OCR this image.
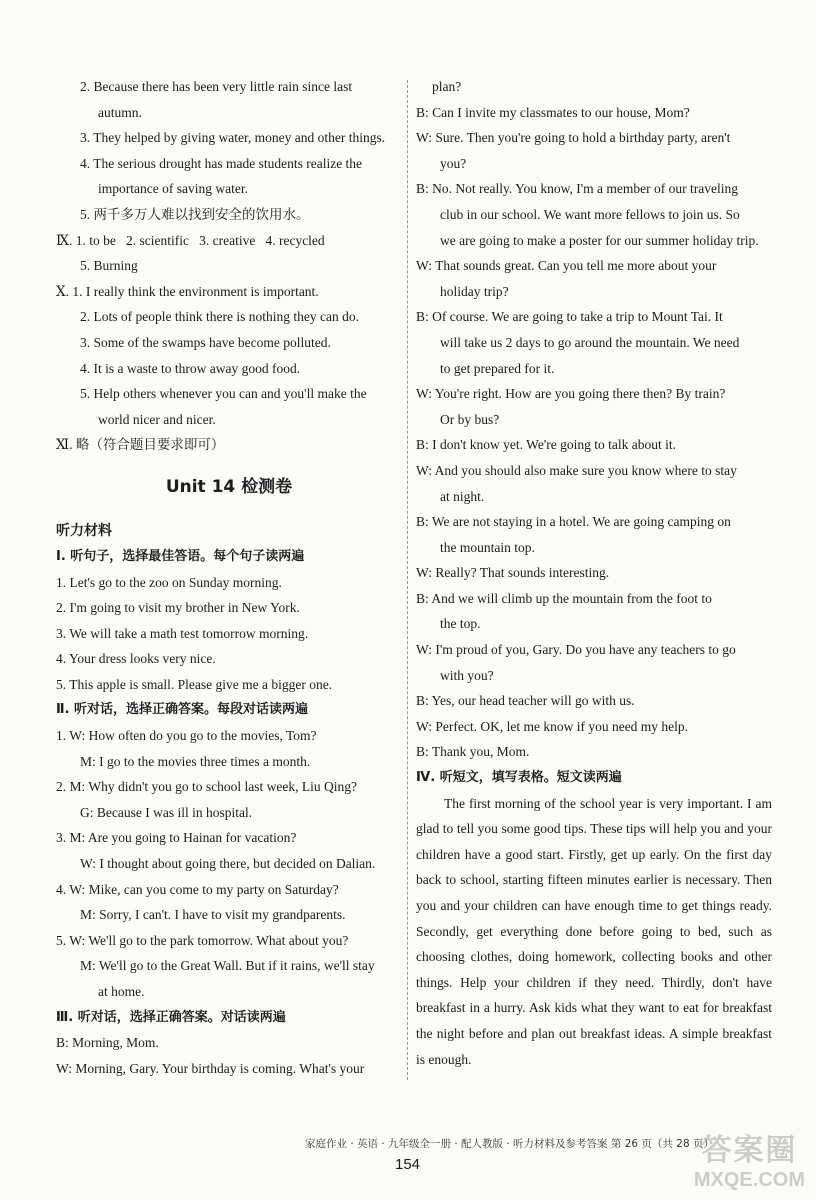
2. Because there has been very little rain since last
autumn.
3. They helped by giving water, money and other things.
4. The serious drought has made students realize the
importance of saving water.
5. 两千多万人难以找到安全的饮用水。
Ⅸ. 1. to be   2. scientific   3. creative   4. recycled
5. Burning
Ⅹ. 1. I really think the environment is important.
2. Lots of people think there is nothing they can do.
3. Some of the swamps have become polluted.
4. It is a waste to throw away good food.
5. Help others whenever you can and you'll make the
world nicer and nicer.
Ⅺ. 略（符合题目要求即可）
Unit 14 检测卷
听力材料
Ⅰ. 听句子，选择最佳答语。每个句子读两遍
1. Let's go to the zoo on Sunday morning.
2. I'm going to visit my brother in New York.
3. We will take a math test tomorrow morning.
4. Your dress looks very nice.
5. This apple is small. Please give me a bigger one.
Ⅱ. 听对话，选择正确答案。每段对话读两遍
1. W: How often do you go to the movies, Tom?
M: I go to the movies three times a month.
2. M: Why didn't you go to school last week, Liu Qing?
G: Because I was ill in hospital.
3. M: Are you going to Hainan for vacation?
W: I thought about going there, but decided on Dalian.
4. W: Mike, can you come to my party on Saturday?
M: Sorry, I can't. I have to visit my grandparents.
5. W: We'll go to the park tomorrow. What about you?
M: We'll go to the Great Wall. But if it rains, we'll stay
at home.
Ⅲ. 听对话，选择正确答案。对话读两遍
B: Morning, Mom.
W: Morning, Gary. Your birthday is coming. What's your
plan?
B: Can I invite my classmates to our house, Mom?
W: Sure. Then you're going to hold a birthday party, aren't
you?
B: No. Not really. You know, I'm a member of our traveling
club in our school. We want more fellows to join us. So
we are going to make a poster for our summer holiday trip.
W: That sounds great. Can you tell me more about your
holiday trip?
B: Of course. We are going to take a trip to Mount Tai. It
will take us 2 days to go around the mountain. We need
to get prepared for it.
W: You're right. How are you going there then? By train?
Or by bus?
B: I don't know yet. We're going to talk about it.
W: And you should also make sure you know where to stay
at night.
B: We are not staying in a hotel. We are going camping on
the mountain top.
W: Really? That sounds interesting.
B: And we will climb up the mountain from the foot to
the top.
W: I'm proud of you, Gary. Do you have any teachers to go
with you?
B: Yes, our head teacher will go with us.
W: Perfect. OK, let me know if you need my help.
B: Thank you, Mom.
Ⅳ. 听短文，填写表格。短文读两遍
The first morning of the school year is very important. I am glad to tell you some good tips. These tips will help you and your children have a good start. Firstly, get up early. On the first day back to school, starting fifteen minutes earlier is necessary. Then you and your children can have enough time to get things ready. Secondly, get everything done before going to bed, such as choosing clothes, doing homework, collecting books and other things. Help your children if they need. Thirdly, don't have breakfast in a hurry. Ask kids what they want to eat for breakfast the night before and plan out breakfast ideas. A simple breakfast is enough.
家庭作业 · 英语 · 九年级全一册 · 配人教版 · 听力材料及参考答案 第 26 页（共 28 页）
154	答案圈
MXQE.COM
